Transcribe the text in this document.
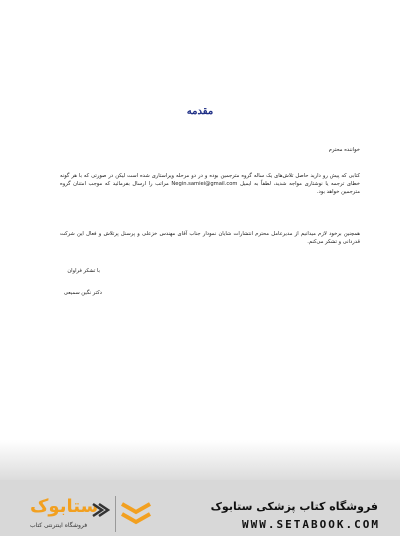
مقدمه
خواننده محترم
کتابی که پیش رو دارید حاصل تلاش‌های یک ساله گروه مترجمین بوده و در دو مرحله ویراستاری شده است لیکن در صورتی که با هر گونه خطای ترجمه یا نوشتاری مواجه شدید، لطفاً به ایمیل Negin.samiei@gmail.com مراتب را ارسال بفرمائید که موجب امتنان گروه مترجمین خواهد بود.
همچنین برخود لازم میدانیم از مدیرعامل محترم انتشارات شایان نمودار جناب آقای مهندس خزعلی و پرسنل پرتلاش و فعال این شرکت قدردانی و تشکر می‌کنم.
با تشکر فراوان
دکتر نگین سمیعی
ستابوک
فروشگاه اینترنتی کتاب
فروشگاه کتاب پزشکی ستابوک
WWW.SETABOOK.COM
